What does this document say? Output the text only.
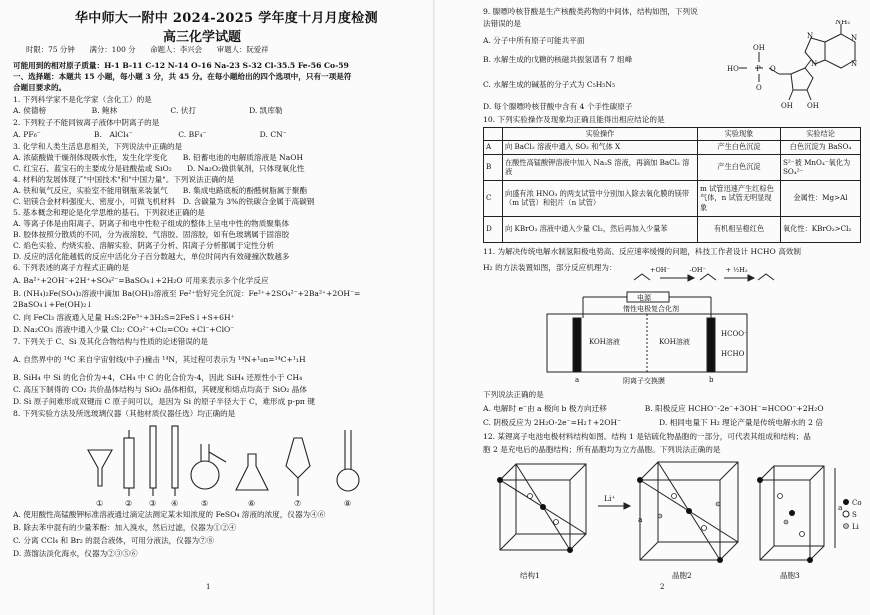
华中师大一附中 2024-2025 学年度十月月度检测
高三化学试题
时限：75 分钟　　满分：100 分　　命题人：李兴会　　审题人：阮爱祥
可能用到的相对原子质量：H-1 B-11 C-12 N-14 O-16 Na-23 S-32 Cl-35.5 Fe-56 Co-59
一、选择题：本题共 15 小题，每小题 3 分，共 45 分。在每小题给出的四个选项中，只有一项是符
合题目要求的。
1. 下列科学家不是化学家（含化工）的是
A. 侯德榜　　　　　　B. 鲍林　　　　　　　C. 伏打　　　　　　　D. 凯库勒
2. 下列粒子不能同铵离子液体中阴离子的是
A. PF₆⁻　　　　　　　B.　AlCl₄⁻　　　　　　C. BF₄⁻　　　　　　　D. CN⁻
3. 化学和人类生活息息相关，下列说法中正确的是
A. 浓硫酸做干燥剂体现吸水性，发生化学变化　　B. 铅蓄电池的电解质溶液是 NaOH
C. 红宝石、蓝宝石的主要成分是硅酸盐或 SiO₂　　D. Na₂O₂做供氧剂，只体现氧化性
4. 材料的发展体现了"中国技术"和"中国力量"。下列说法正确的是
A. 铁和氧气反应，实验室不能用钢瓶来装氯气　　B. 集成电路底板的酚醛树脂属于聚酯
C. 铝镁合金材料强度大、密度小，可做飞机材料　D. 含碳量为 3%的铁碳合金属于高碳钢
5. 基本概念和理论是化学思维的基石。下列叙述正确的是
A. 等离子体是由阳离子、阴离子和电中性粒子组成的整体上呈电中性的物质聚集体
B. 胶体按照分散质的不同，分为液溶胶、气溶胶、固溶胶，如有色玻璃属于固溶胶
C. 焰色实验、灼烧实验、溶解实验、阴离子分析、阳离子分析都属于定性分析
D. 反应的活化能越低的反应中活化分子百分数越大，单位时间内有效碰撞次数越多
6. 下列表述的离子方程式正确的是
A. Ba²⁺+2OH⁻+2H⁺+SO₄²⁻=BaSO₄↓+2H₂O 可用来表示多个化学反应
B. (NH₄)₂Fe(SO₄)₂溶液中滴加 Ba(OH)₂溶液至 Fe²⁺恰好完全沉淀：Fe²⁺+2SO₄²⁻+2Ba²⁺+2OH⁻=
2BaSO₄↓+Fe(OH)₂↓
C. 向 FeCl₃ 溶液通入足量 H₂S:2Fe³⁺+3H₂S=2FeS↓+S+6H⁺
D. Na₂CO₃ 溶液中通入少量 Cl₂: CO₃²⁻+Cl₂=CO₂ +Cl⁻+ClO⁻
7. 下列关于 C、Si 及其化合物结构与性质的论述错误的是
A. 自然界中的 ¹⁴C 来自宇宙射线(中子)撞击 ¹⁴N，其过程可表示为 ¹⁴N+¹₀n=¹⁴C+¹₁H
B. SiH₄ 中 Si 的化合价为+4，CH₄ 中 C 的化合价为-4，因此 SiH₄ 还原性小于 CH₄
C. 高压下制得的 CO₂ 共价晶体结构与 SiO₂ 晶体相似，其硬度和熔点均高于 SiO₂ 晶体
D. Si 原子间难形成双键而 C 原子间可以，是因为 Si 的原子半径大于 C，难形成 p-pπ 键
8. 下列实验方法及所选玻璃仪器（其他材质仪器任选）均正确的是
A. 使用酸性高锰酸钾标准溶液通过滴定法测定某未知浓度的 FeSO₄ 溶液的浓度，仪器为④⑥
B. 除去苯中混有的少量苯酚：加入溴水，然后过滤，仪器为①②④
C. 分离 CCl₄ 和 Br₂ 的混合液体，可用分液法，仪器为⑦⑧
D. 蒸馏法淡化海水，仪器为②③⑤⑥
①	② ③ ④	⑤	⑥	⑦	⑧
1
9. 腺嘌呤核苷酸是生产核酸类药物的中间体，结构如图，下列说
法错误的是
A. 分子中所有原子可能共平面
B. 水解生成的戊糖的核磁共振氢谱有 7 组峰
C. 水解生成的碱基的分子式为 C₅H₅N₅
D. 每个腺嘌呤核苷酸中含有 4 个手性碳原子
10. 下列实验操作及现象均正确且能得出相应结论的是
11. 为解决传统电解水制氢阳极电势高、反应速率缓慢的问题，科技工作者设计 HCHO 高效制
H₂ 的方法装置如图，部分反应机理为：
下列说法正确的是
A. 电解时 e⁻由 a 极向 b 极方向迁移　　　　　B. 阳极反应 HCHO⁻-2e⁻+3OH⁻=HCOO⁻+2H₂O
C. 阴极反应为 2H₂O-2e⁻=H₂↑+2OH⁻　　　　　D. 相同电量下 H₂ 理论产量是传统电解水的 2 倍
12. 某锂离子电池电极材料结构如图。结构 1 是钴硫化物晶胞的一部分，可代表其组成和结构；晶
胞 2 是充电后的晶胞结构；所有晶胞均为立方晶胞。下列说法正确的是
NH₂
N
N
N
N
OH
HO P
O
O
OH OH
	实验操作	实验现象	实验结论
A	向 BaCl₂ 溶液中通入 SO₂ 和气体 X	产生白色沉淀	白色沉淀为 BaSO₄
B	在酸性高锰酸钾溶液中加入 Na₂S 溶液，再滴加 BaCl₂ 溶液	产生白色沉淀	S²⁻被 MnO₄⁻氧化为 SO₄²⁻
C	向盛有浓 HNO₃ 的两支试管中分别加入除去氧化膜的镁带（m 试管）和铝片（n 试管）	m 试管迅速产生红棕色气体，n 试管无明显现象	金属性：Mg>Al
D	向 KBrO₃ 溶液中通入少量 Cl₂，然后再加入少量苯	有机相呈橙红色	氧化性：KBrO₃>Cl₂
+OH⁻　　　-OH⁻　　　+ ½H₂
电源
惰性电极复合化剂
KOH溶液	KOH溶液
HCOO⁻
HCHO
阴离子交换膜
a	b
Li⁺
a
a
结构1	晶胞2	晶胞3
Co
S
Li
2
